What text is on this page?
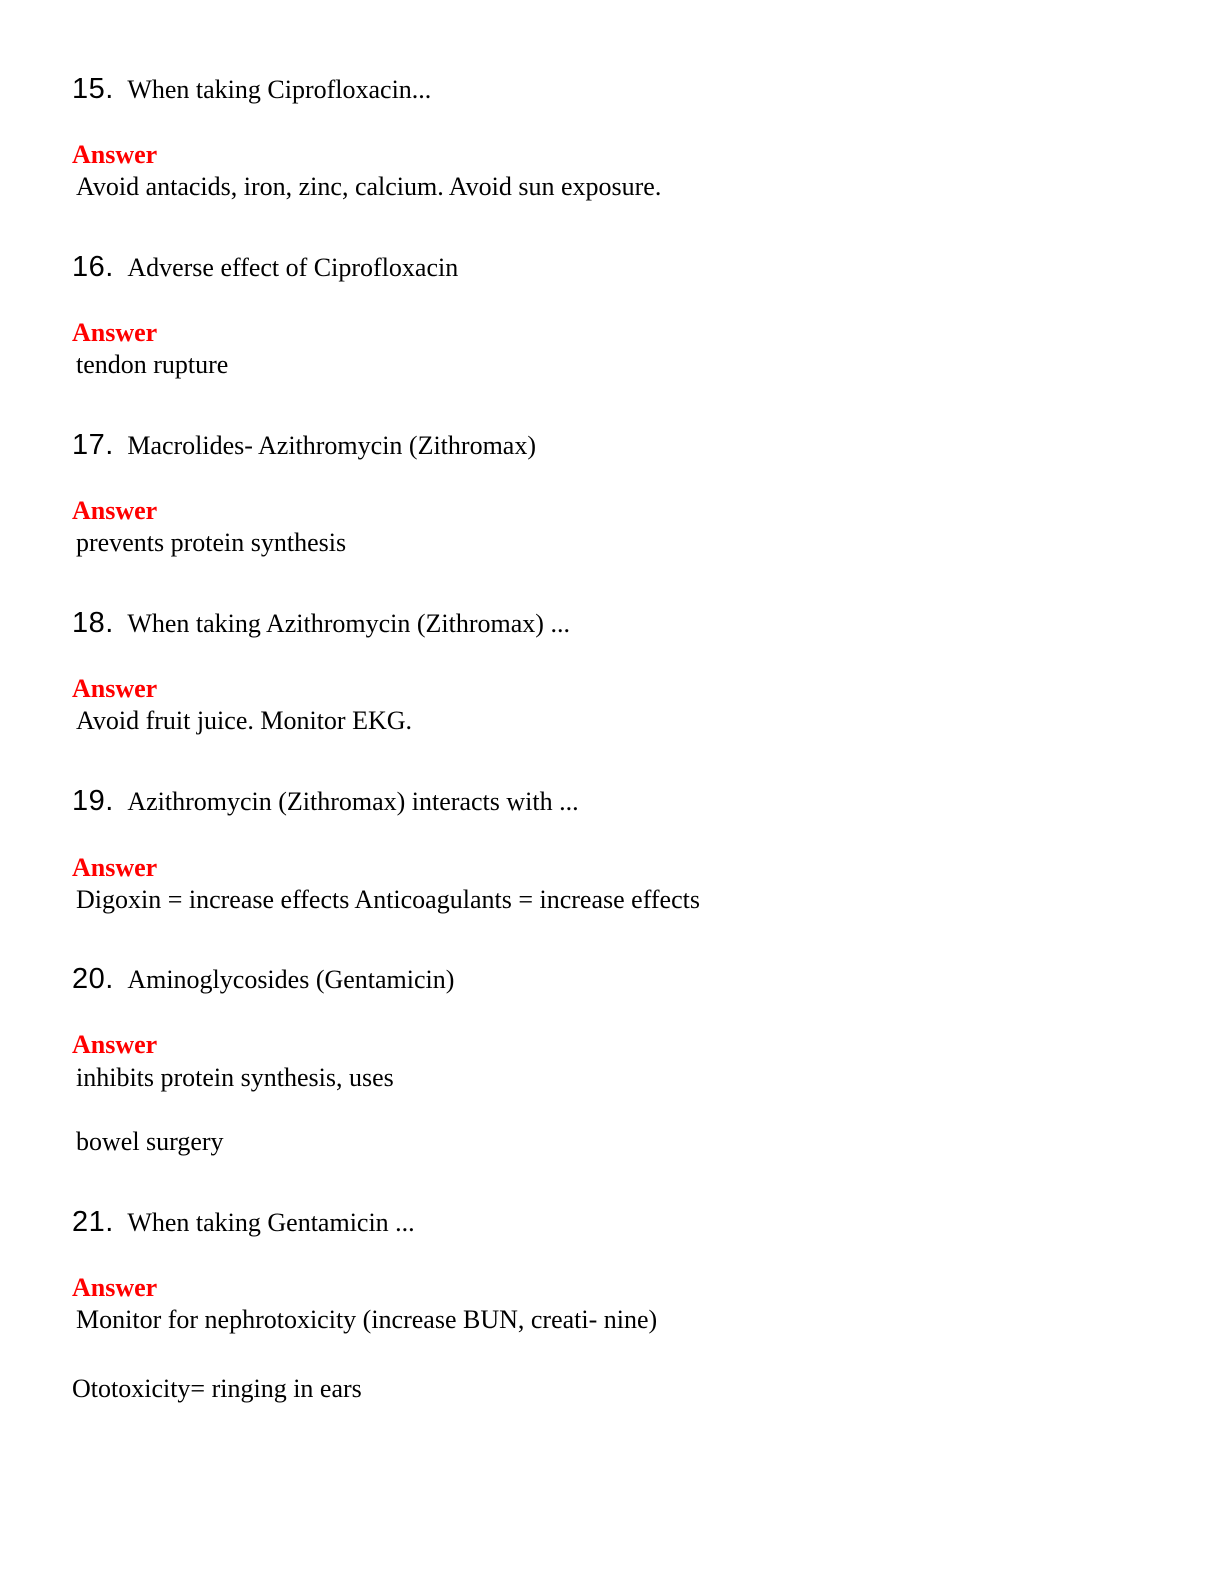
15. When taking Ciprofloxacin...
Answer
Avoid antacids, iron, zinc, calcium. Avoid sun exposure.
16. Adverse effect of Ciprofloxacin
Answer
tendon rupture
17. Macrolides- Azithromycin (Zithromax)
Answer
prevents protein synthesis
18. When taking Azithromycin (Zithromax) ...
Answer
Avoid fruit juice. Monitor EKG.
19. Azithromycin (Zithromax) interacts with ...
Answer
Digoxin = increase effects Anticoagulants = increase effects
20. Aminoglycosides (Gentamicin)
Answer
inhibits protein synthesis, uses
bowel surgery
21. When taking Gentamicin ...
Answer
Monitor for nephrotoxicity (increase BUN, creati- nine)
Ototoxicity= ringing in ears
